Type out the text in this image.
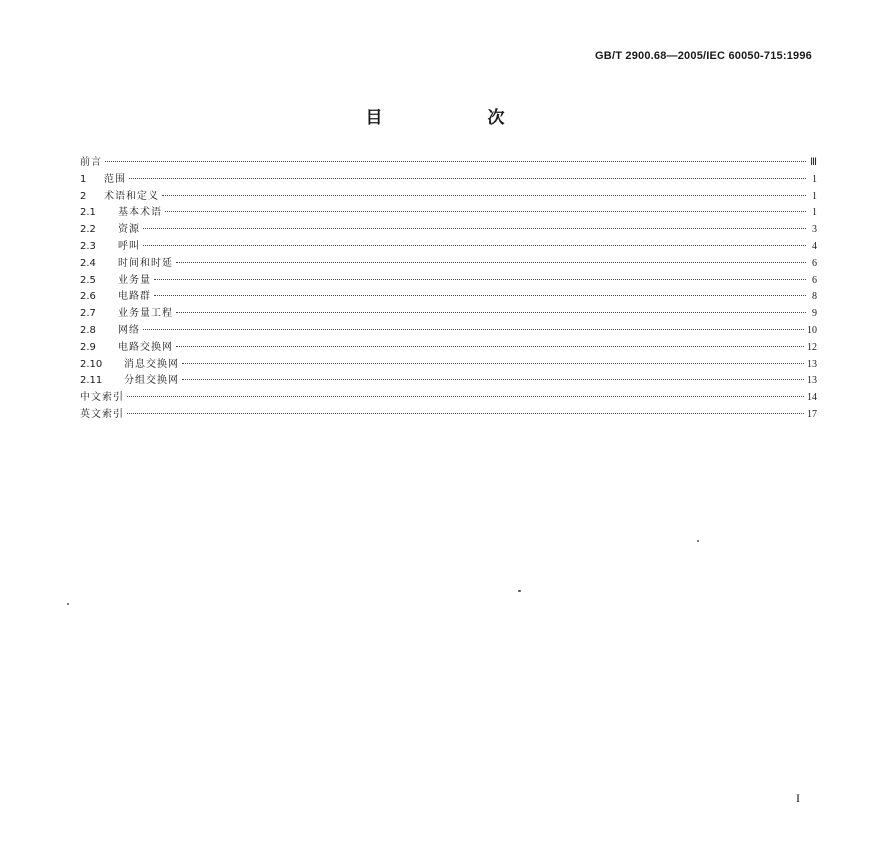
GB/T 2900.68—2005/IEC 60050-715:1996
目　次
前言	Ⅲ
1	范围	1
2	术语和定义	1
2.1	基本术语	1
2.2	资源	3
2.3	呼叫	4
2.4	时间和时延	6
2.5	业务量	6
2.6	电路群	8
2.7	业务量工程	9
2.8	网络	10
2.9	电路交换网	12
2.10	消息交换网	13
2.11	分组交换网	13
中文索引	14
英文索引	17
I
